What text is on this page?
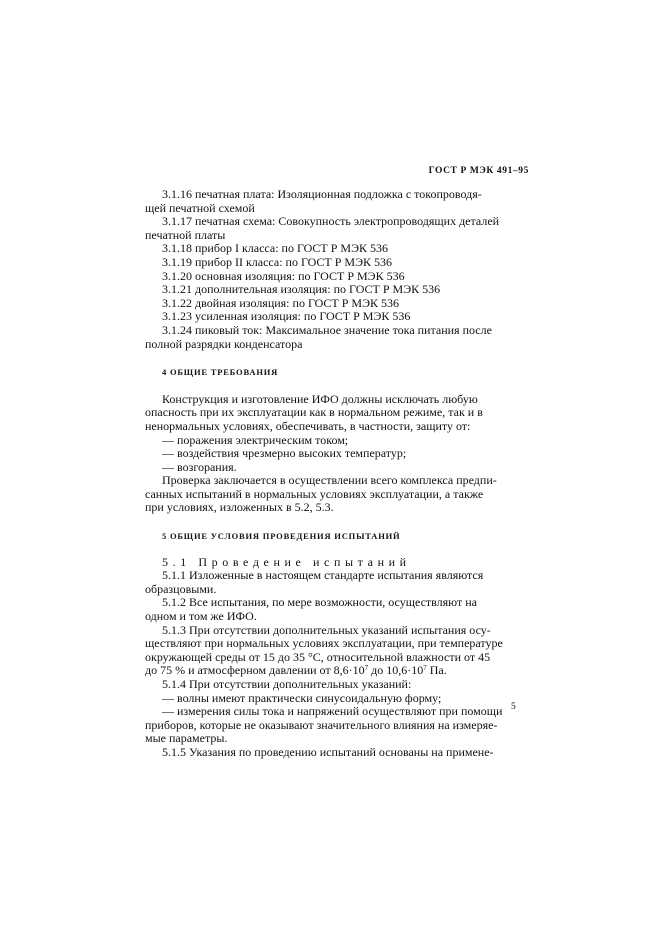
ГОСТ Р МЭК 491–95

3.1.16 печатная плата: Изоляционная подложка с токопроводя-

щей печатной схемой

3.1.17 печатная схема: Совокупность электропроводящих деталей

печатной платы

3.1.18 прибор I класса: по ГОСТ Р МЭК 536

3.1.19 прибор II класса: по ГОСТ Р МЭК 536

3.1.20 основная изоляция: по ГОСТ Р МЭК 536

3.1.21 дополнительная изоляция: по ГОСТ Р МЭК 536

3.1.22 двойная изоляция: по ГОСТ Р МЭК 536

3.1.23 усиленная изоляция: по ГОСТ Р МЭК 536

3.1.24 пиковый ток: Максимальное значение тока питания после

полной разрядки конденсатора

4 ОБЩИЕ ТРЕБОВАНИЯ

Конструкция и изготовление ИФО должны исключать любую

опасность при их эксплуатации как в нормальном режиме, так и в

ненормальных условиях, обеспечивать, в частности, защиту от:

— поражения электрическим током;

— воздействия чрезмерно высоких температур;

— возгорания.

Проверка заключается в осуществлении всего комплекса предпи-

санных испытаний в нормальных условиях эксплуатации, а также

при условиях, изложенных в 5.2, 5.3.

5 ОБЩИЕ УСЛОВИЯ ПРОВЕДЕНИЯ ИСПЫТАНИЙ

5.1 Проведение испытаний

5.1.1 Изложенные в настоящем стандарте испытания являются

образцовыми.

5.1.2 Все испытания, по мере возможности, осуществляют на

одном и том же ИФО.

5.1.3 При отсутствии дополнительных указаний испытания осу-

ществляют при нормальных условиях эксплуатации, при температуре

окружающей среды от 15 до 35 °С, относительной влажности от 45

до 75 % и атмосферном давлении от $8,6\cdot 10^7$ до $10,6\cdot 10^7$ Па.

5.1.4 При отсутствии дополнительных указаний:

— волны имеют практически синусоидальную форму;

— измерения силы тока и напряжений осуществляют при помощи

приборов, которые не оказывают значительного влияния на измеряе-

мые параметры.

5.1.5 Указания по проведению испытаний основаны на примене-

5
